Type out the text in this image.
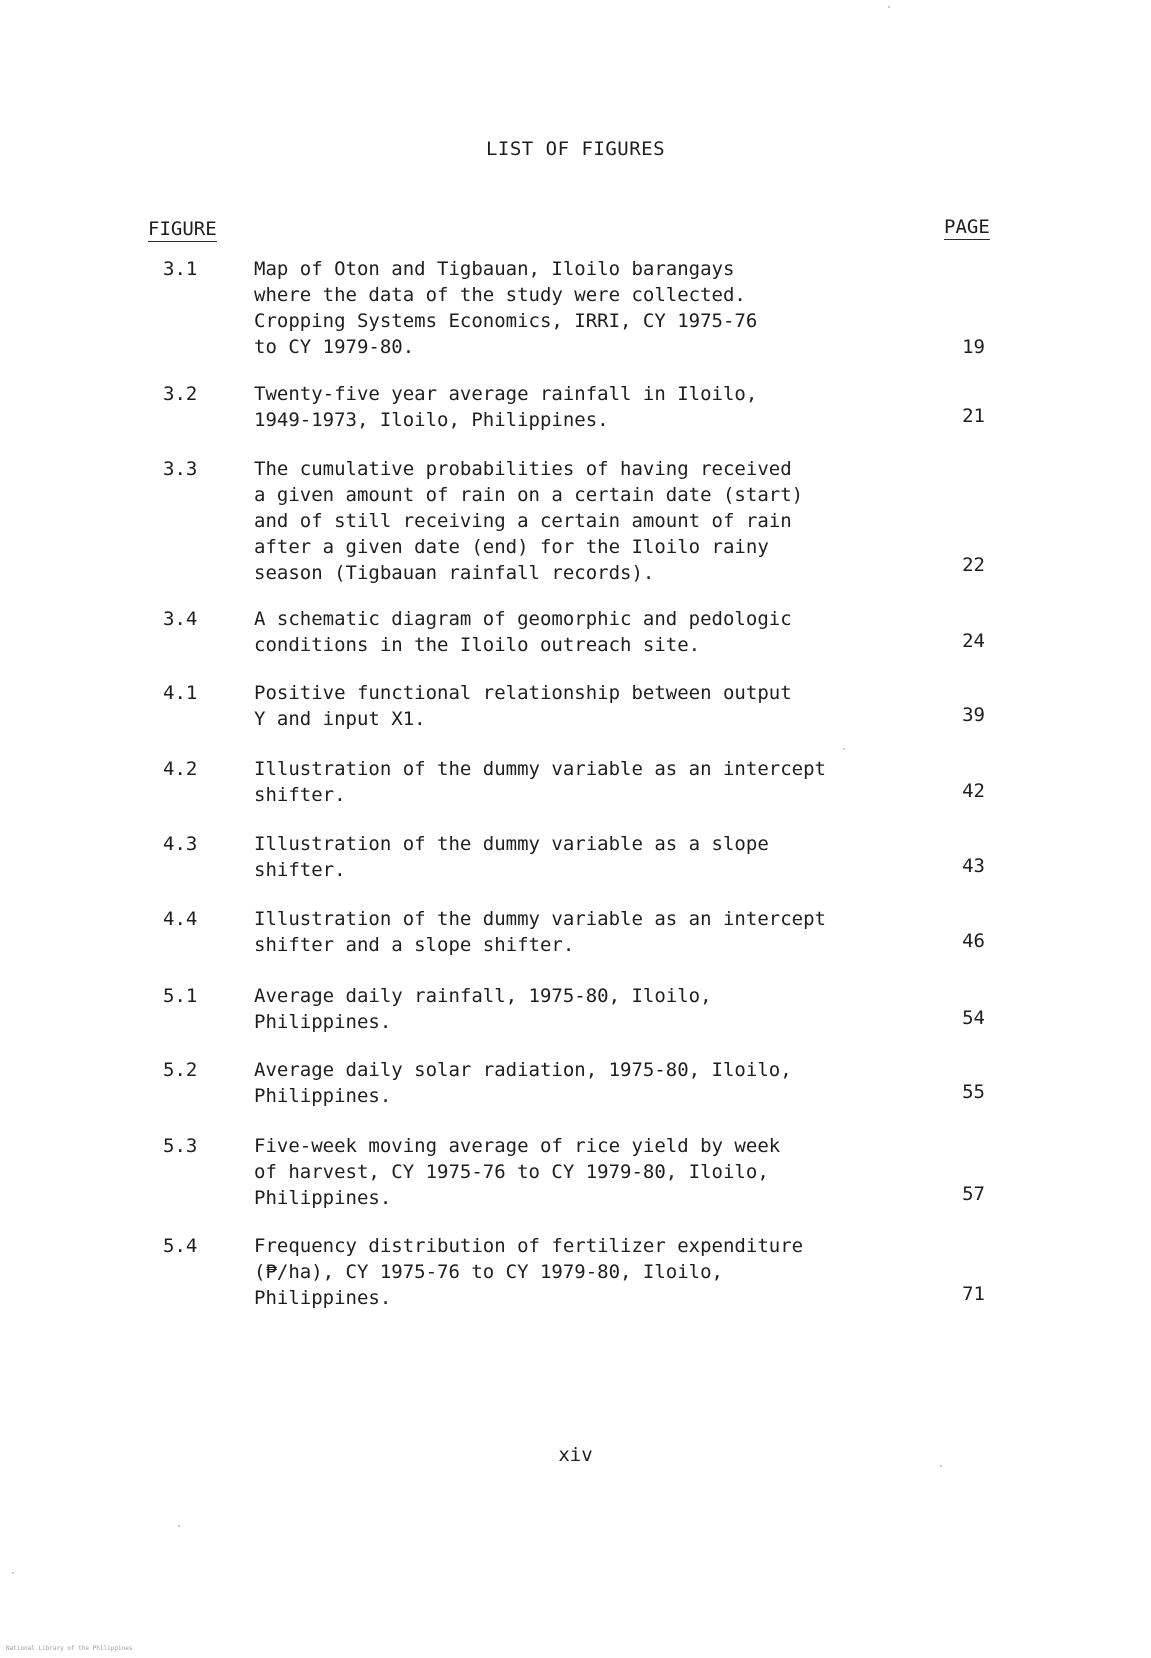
LIST OF FIGURES
FIGURE	PAGE
3.1	Map of Oton and Tigbauan, Iloilo barangays
where the data of the study were collected.
Cropping Systems Economics, IRRI, CY 1975-76
to CY 1979-80.	19
3.2	Twenty-five year average rainfall in Iloilo,
1949-1973, Iloilo, Philippines.	21
3.3	The cumulative probabilities of having received
a given amount of rain on a certain date (start)
and of still receiving a certain amount of rain
after a given date (end) for the Iloilo rainy
season (Tigbauan rainfall records).	22
3.4	A schematic diagram of geomorphic and pedologic
conditions in the Iloilo outreach site.	24
4.1	Positive functional relationship between output
Y and input X1.	39
4.2	Illustration of the dummy variable as an intercept
shifter.	42
4.3	Illustration of the dummy variable as a slope
shifter.	43
4.4	Illustration of the dummy variable as an intercept
shifter and a slope shifter.	46
5.1	Average daily rainfall, 1975-80, Iloilo,
Philippines.	54
5.2	Average daily solar radiation, 1975-80, Iloilo,
Philippines.	55
5.3	Five-week moving average of rice yield by week
of harvest, CY 1975-76 to CY 1979-80, Iloilo,
Philippines.	57
5.4	Frequency distribution of fertilizer expenditure
(₱/ha), CY 1975-76 to CY 1979-80, Iloilo,
Philippines.	71
xiv
National Library of the Philippines
